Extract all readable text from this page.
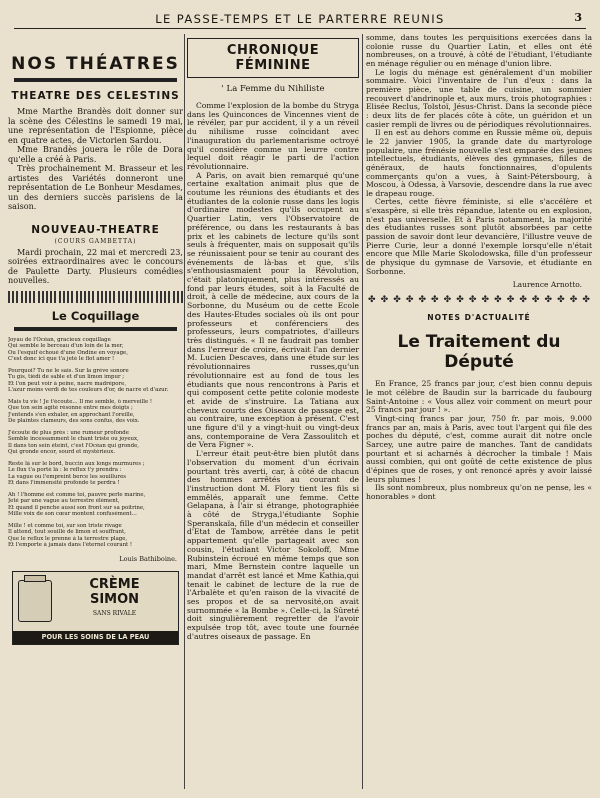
LE PASSE-TEMPS ET LE PARTERRE REUNIS	3
NOS THÉATRES
THEATRE DES CELESTINS

Mme Marthe Brandès doit donner sur la scène des Célestins le samedi 19 mai, une représentation de l'Espionne, pièce en quatre actes, de Victorien Sardou.

Mme Brandès jouera le rôle de Dora qu'elle a créé à Paris.

Très prochainement M. Brasseur et les artistes des Variétés donneront une représentation de Le Bonheur Mesdames, un des derniers succès parisiens de la saison.

NOUVEAU-THEATRE
(COURS GAMBETTA)

Mardi prochain, 22 mai et mercredi 23, soirées extraordinaires avec le concours de Paulette Darty. Plusieurs comédies nouvelles.

Le Coquillage
Joyau de l'Océan, gracieux coquillage
Qui semble le berceau d'un loin de la mer,
Ou l'esquif échoué d'une Ondine en voyage,
C'est donc ici que t'a jeté le flot amer !
Pourquoi? Tu ne le sais. Sur la grève sonore
Tu gis, tiédi de sable et d'un limon impur ;
Et l'on peut voir à peine, nacre madrépore,
L'azur moins verdi de tes couleurs d'or, de nacre et d'azur.
Mais tu vis ! Je t'écoute... Il me semble, ô merveille !
Que ton sein agité résonne entre mes doigts ;
J'entends s'en exhaler, en approchant l'oreille,
De plaintes clameurs, des sons confus, des voix.
J'écoute de plus près : une rumeur profonde
Semble incessamment le chant triste ou joyeux,
Il dans ton sein éteint, c'est l'Océan qui gronde,
Qui gronde encor, sourd et mystérieux.
Reste là sur le bord, buccin aux longs murmures ;
Le flux t'a porté là : le reflux t'y prendra :
La vague ou l'empreint berce les souillures
Et dans l'immensité profonde te perdra !
Ah ! l'homme est comme toi, pauvre perle marine,
Jeté par une vague au terrestre élément,
Et quand il penche aussi son front sur sa poitrine,
Mille voix de son cœur montent confusément...
Mille ! et comme toi, sur son triste rivage
Il attend, tout souillé de limon et souffrant,
Que le reflux le prenne à la terrestre plage,
Et l'emporte à jamais dans l'éternel courant !
Louis Bathiboine.
CRÈME
SIMON
SANS RIVALE
POUR LES SOINS DE LA PEAU
CHRONIQUE FÉMININE
' La Femme du Nihiliste

Comme l'explosion de la bombe du Stryga dans les Quinconces de Vincennes vient de le révéler, par pur accident, il y a un réveil du nihilisme russe coïncidant avec l'inauguration du parlementarisme octroyé qu'il considère comme un leurre contre lequel doit réagir le parti de l'action révolutionnaire.

A Paris, on avait bien remarqué qu'une certaine exaltation animait plus que de coutume les réunions des étudiants et des étudiantes de la colonie russe dans les logis d'ordinaire modestes qu'ils occupent au Quartier Latin, vers l'Observatoire de préférence, ou dans les restaurants à bas prix et les cabinets de lecture qu'ils sont seuls à fréquenter, mais on supposait qu'ils se réunissaient pour se tenir au courant des événements de là-bas et que, s'ils s'enthousiasmaient pour la Révolution, c'était platoniquement, plus intéressés au fond par leurs études, soit à la Faculté de droit, à celle de médecine, aux cours de la Sorbonne, du Muséum ou de cette Ecole des Hautes-Etudes sociales où ils ont pour professeurs et conférenciers des professeurs, leurs compatriotes, d'ailleurs très distingués. « Il ne faudrait pas tomber dans l'erreur de croire, écrivait l'an dernier M. Lucien Descaves, dans une étude sur les révolutionnaires russes,qu'un révolutionnaire est au fond de tous les étudiants que nous rencontrons à Paris et qui composent cette petite colonie modeste et avide de s'instruire. La Tatiana aux cheveux courts des Oiseaux de passage est, au contraire, une exception à présent. C'est une figure d'il y a vingt-huit ou vingt-deux ans, contemporaine de Vera Zassoulitch et de Vera Figner ».

L'erreur était peut-être bien plutôt dans l'observation du moment d'un écrivain pourtant très averti, car, à côté de chacun des hommes arrêtés au courant de l'instruction dont M. Flory tient les fils si emmêlés, apparaît une femme. Cette Gelapana, à l'air si étrange, photographiée à côté de Stryga,l'étudiante Sophie Speranskaïa, fille d'un médecin et conseiller d'Etat de Tambow, arrêtée dans le petit appartement qu'elle partageait avec son cousin, l'étudiant Victor Sokoloff, Mme Rubinstein écroué en même temps que son mari, Mme Bernstein contre laquelle un mandat d'arrêt est lancé et Mme Kathia,qui tenait le cabinet de lecture de la rue de l'Arbalète et qu'en raison de la vivacité de ses propos et de sa nervosité,on avait surnommée « la Bombe ». Celle-ci, la Sûreté doit singulièrement regretter de l'avoir expulsée trop tôt, avec toute une fournée d'autres oiseaux de passage. En

somme, dans toutes les perquisitions exercées dans la colonie russe du Quartier Latin, et elles ont été nombreuses, on a trouvé, à côté de l'étudiant, l'étudiante en ménage régulier ou en ménage d'union libre.

Le logis du ménage est généralement d'un mobilier sommaire. Voici l'inventaire de l'un d'eux : dans la première pièce, une table de cuisine, un sommier recouvert d'andrinople et, aux murs, trois photographies : Elisée Reclus, Tolstoï, Jésus-Christ. Dans la seconde pièce : deux lits de fer placés côte à côte, un guéridon et un casier rempli de livres ou de périodiques révolutionnaires.

Il en est au dehors comme en Russie même où, depuis le 22 janvier 1905, la grande date du martyrologe populaire, une frénésie nouvelle s'est emparée des jeunes intellectuels, étudiants, élèves des gymnases, filles de généraux, de hauts fonctionnaires, d'opulents commerçants qu'on a vues, à Saint-Pétersbourg, à Moscou, à Odessa, à Varsovie, descendre dans la rue avec le drapeau rouge.

Certes, cette fièvre féministe, si elle s'accélère et s'exaspère, si elle très répandue, latente ou en explosion, n'est pas universelle. Et à Paris notamment, la majorité des étudiantes russes sont plutôt absorbées par cette passion de savoir dont leur devancière, l'illustre veuve de Pierre Curie, leur a donné l'exemple lorsqu'elle n'était encore que Mlle Marie Skolodowska, fille d'un professeur de physique du gymnase de Varsovie, et étudiante en Sorbonne.

Laurence Arnotto.
✤ ✤ ✤ ✤ ✤ ✤ ✤ ✤ ✤ ✤ ✤ ✤ ✤ ✤ ✤ ✤ ✤ ✤
NOTES D'ACTUALITÉ
Le Traitement du Député

En France, 25 francs par jour, c'est bien connu depuis le mot célèbre de Baudin sur la barricade du faubourg Saint-Antoine : « Vous allez voir comment on meurt pour 25 francs par jour ! ».

Vingt-cinq francs par jour, 750 fr. par mois, 9.000 francs par an, mais à Paris, avec tout l'argent qui file des poches du député, c'est, comme aurait dit notre oncle Sarcey, une autre paire de manches. Tant de candidats pourtant et si acharnés à décrocher la timbale ! Mais aussi combien, qui ont goûté de cette existence de plus d'épines que de roses, y ont renoncé après y avoir laissé leurs plumes !

Ils sont nombreux, plus nombreux qu'on ne pense, les « honorables » dont
